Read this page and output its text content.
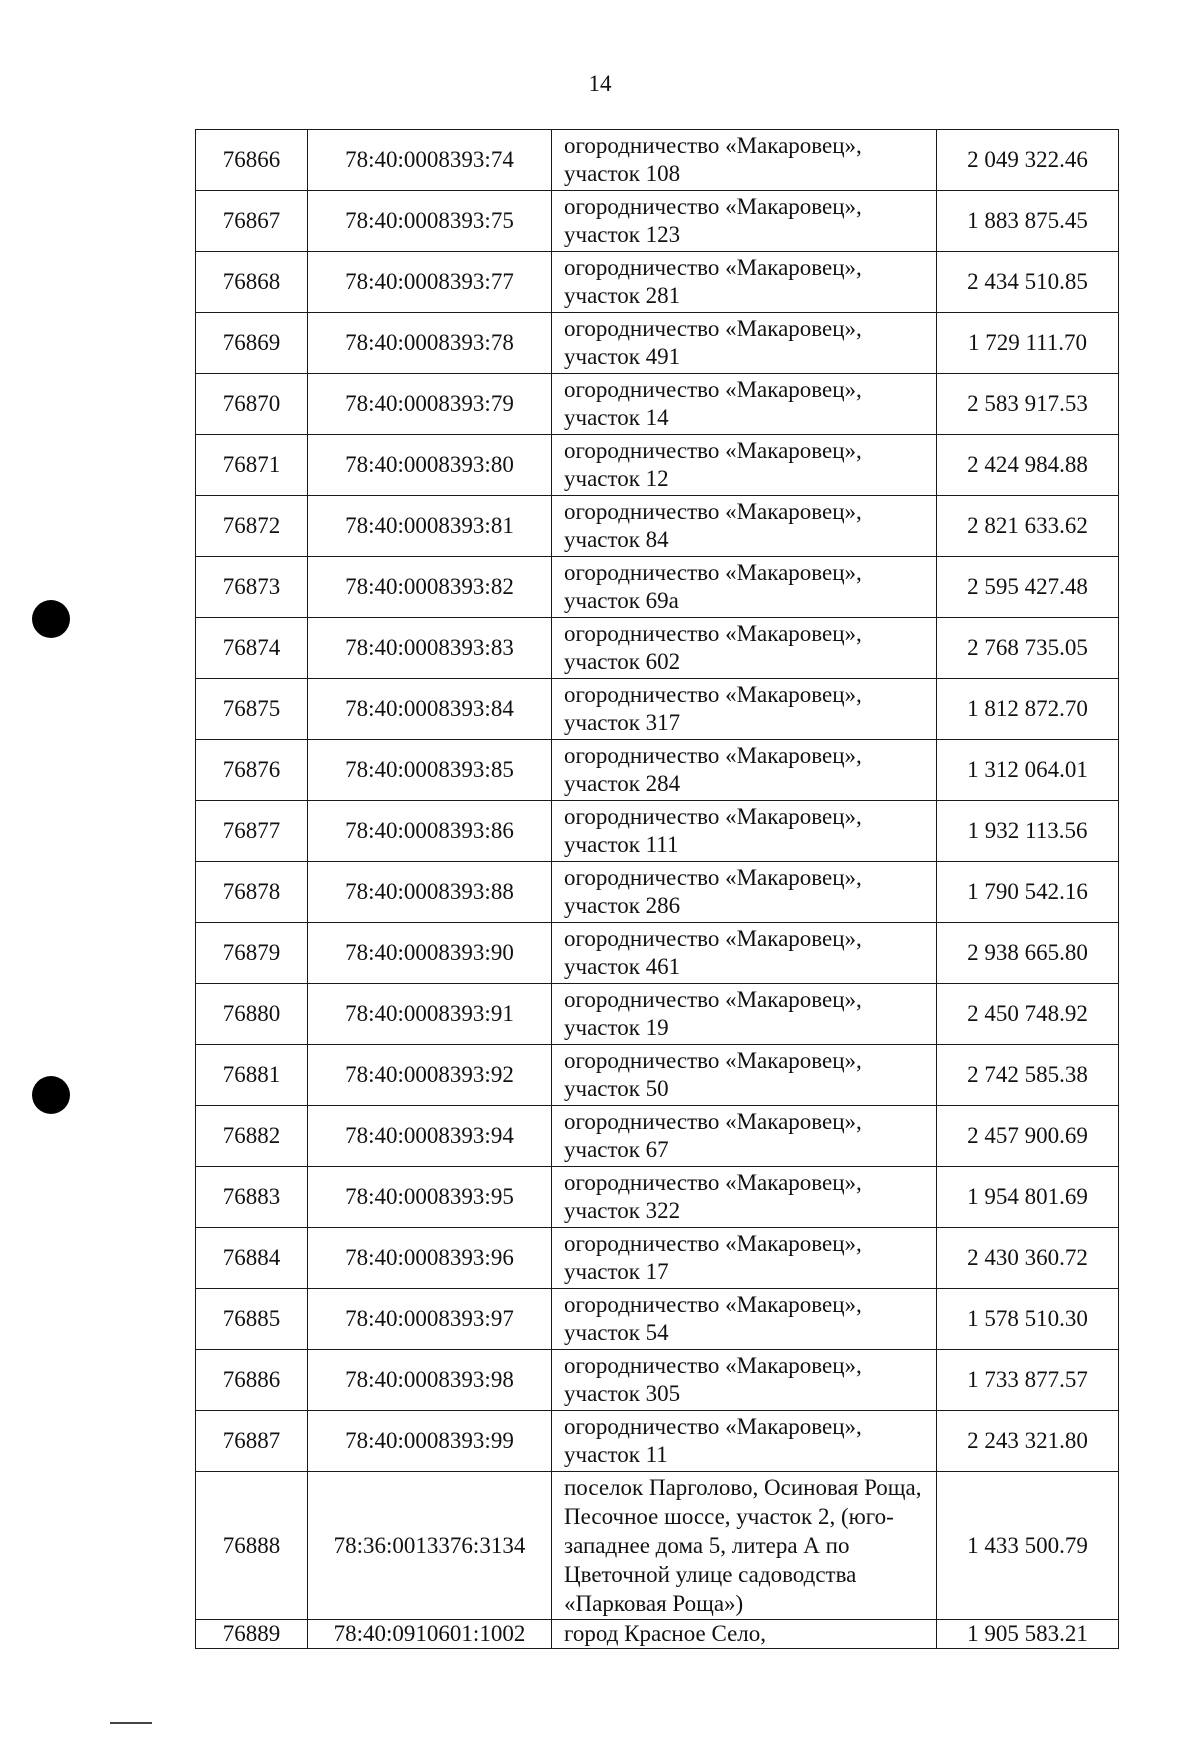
14
76866	78:40:0008393:74	огородничество «Макаровец», участок 108	2 049 322.46
76867	78:40:0008393:75	огородничество «Макаровец», участок 123	1 883 875.45
76868	78:40:0008393:77	огородничество «Макаровец», участок 281	2 434 510.85
76869	78:40:0008393:78	огородничество «Макаровец», участок 491	1 729 111.70
76870	78:40:0008393:79	огородничество «Макаровец», участок 14	2 583 917.53
76871	78:40:0008393:80	огородничество «Макаровец», участок 12	2 424 984.88
76872	78:40:0008393:81	огородничество «Макаровец», участок 84	2 821 633.62
76873	78:40:0008393:82	огородничество «Макаровец», участок 69а	2 595 427.48
76874	78:40:0008393:83	огородничество «Макаровец», участок 602	2 768 735.05
76875	78:40:0008393:84	огородничество «Макаровец», участок 317	1 812 872.70
76876	78:40:0008393:85	огородничество «Макаровец», участок 284	1 312 064.01
76877	78:40:0008393:86	огородничество «Макаровец», участок 111	1 932 113.56
76878	78:40:0008393:88	огородничество «Макаровец», участок 286	1 790 542.16
76879	78:40:0008393:90	огородничество «Макаровец», участок 461	2 938 665.80
76880	78:40:0008393:91	огородничество «Макаровец», участок 19	2 450 748.92
76881	78:40:0008393:92	огородничество «Макаровец», участок 50	2 742 585.38
76882	78:40:0008393:94	огородничество «Макаровец», участок 67	2 457 900.69
76883	78:40:0008393:95	огородничество «Макаровец», участок 322	1 954 801.69
76884	78:40:0008393:96	огородничество «Макаровец», участок 17	2 430 360.72
76885	78:40:0008393:97	огородничество «Макаровец», участок 54	1 578 510.30
76886	78:40:0008393:98	огородничество «Макаровец», участок 305	1 733 877.57
76887	78:40:0008393:99	огородничество «Макаровец», участок 11	2 243 321.80
76888	78:36:0013376:3134	поселок Парголово, Осиновая Роща, Песочное шоссе, участок 2, (юго-западнее дома 5, литера А по Цветочной улице садоводства «Парковая Роща»)	1 433 500.79
76889	78:40:0910601:1002	город Красное Село,	1 905 583.21
